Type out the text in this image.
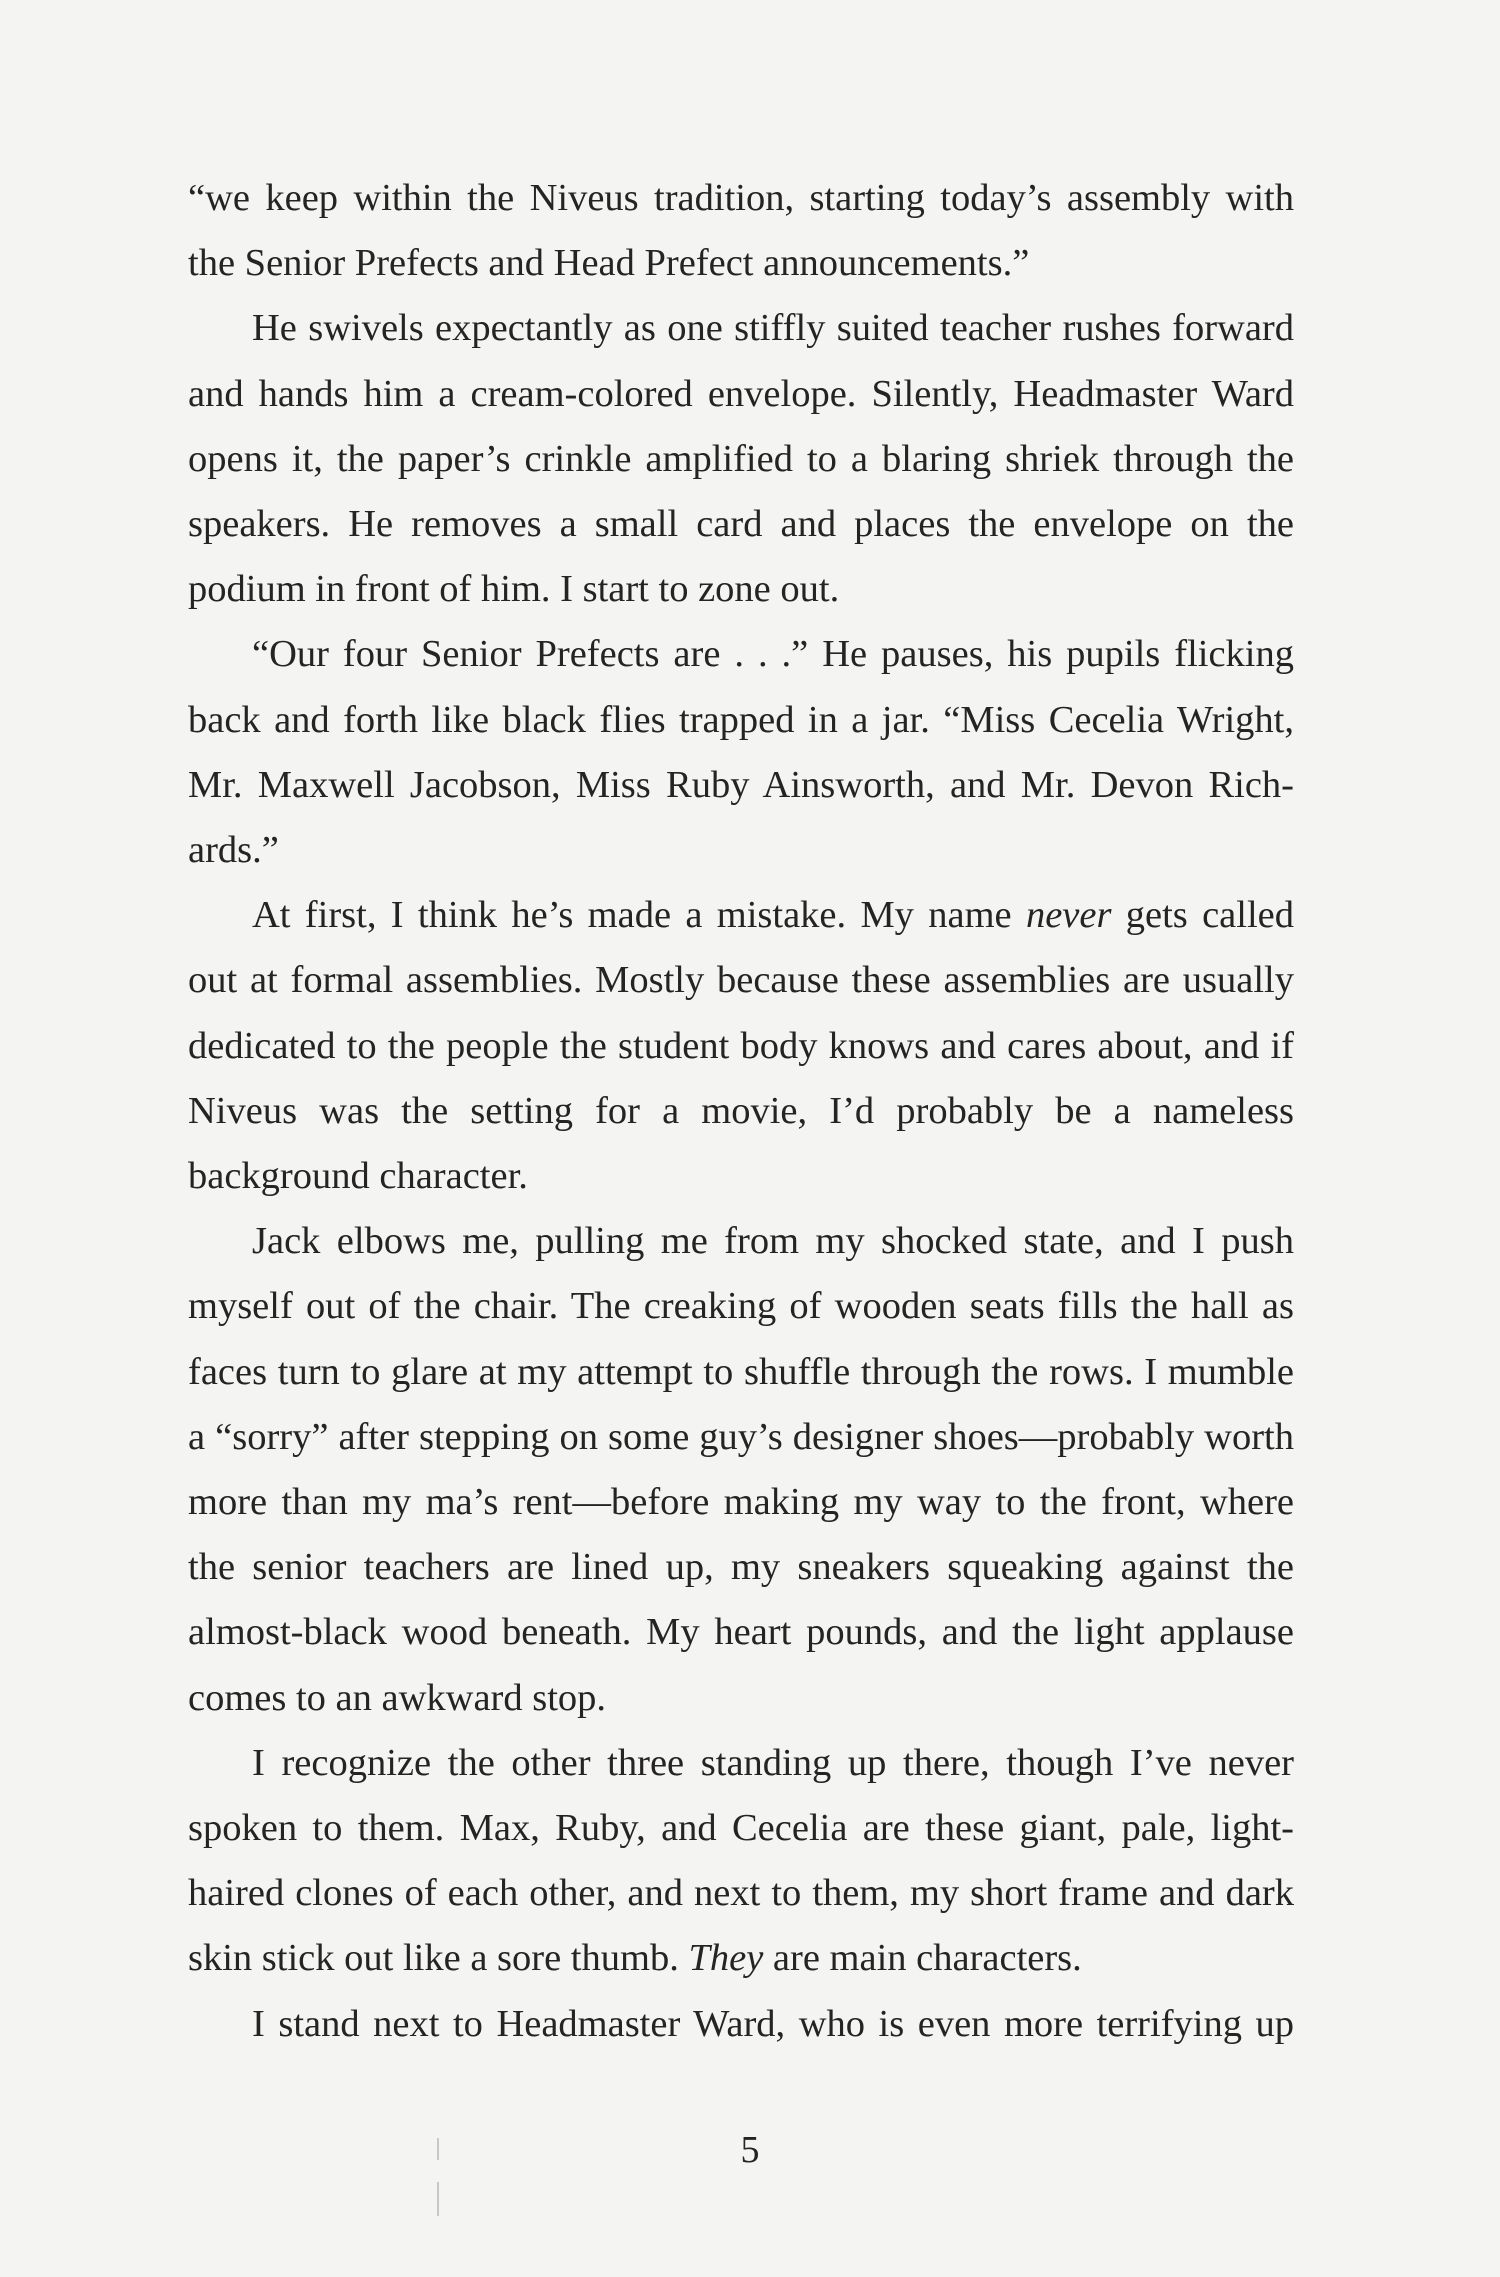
“we keep within the Niveus tradition, starting today’s assembly with the Senior Prefects and Head Prefect announcements.”

He swivels expectantly as one stiffly suited teacher rushes forward and hands him a cream-colored envelope. Silently, Headmaster Ward opens it, the paper’s crinkle amplified to a blaring shriek through the speakers. He removes a small card and places the envelope on the podium in front of him. I start to zone out.

“Our four Senior Prefects are . . .” He pauses, his pupils flicking back and forth like black flies trapped in a jar. “Miss Cecelia Wright, Mr. Maxwell Jacobson, Miss Ruby Ainsworth, and Mr. Devon Richards.”

At first, I think he’s made a mistake. My name never gets called out at formal assemblies. Mostly because these assemblies are usually dedicated to the people the student body knows and cares about, and if Niveus was the setting for a movie, I’d probably be a nameless background character.

Jack elbows me, pulling me from my shocked state, and I push myself out of the chair. The creaking of wooden seats fills the hall as faces turn to glare at my attempt to shuffle through the rows. I mumble a “sorry” after stepping on some guy’s designer shoes—probably worth more than my ma’s rent—before making my way to the front, where the senior teachers are lined up, my sneakers squeaking against the almost-black wood beneath. My heart pounds, and the light applause comes to an awkward stop.

I recognize the other three standing up there, though I’ve never spoken to them. Max, Ruby, and Cecelia are these giant, pale, light-haired clones of each other, and next to them, my short frame and dark skin stick out like a sore thumb. They are main characters.

I stand next to Headmaster Ward, who is even more terrifying up

5
